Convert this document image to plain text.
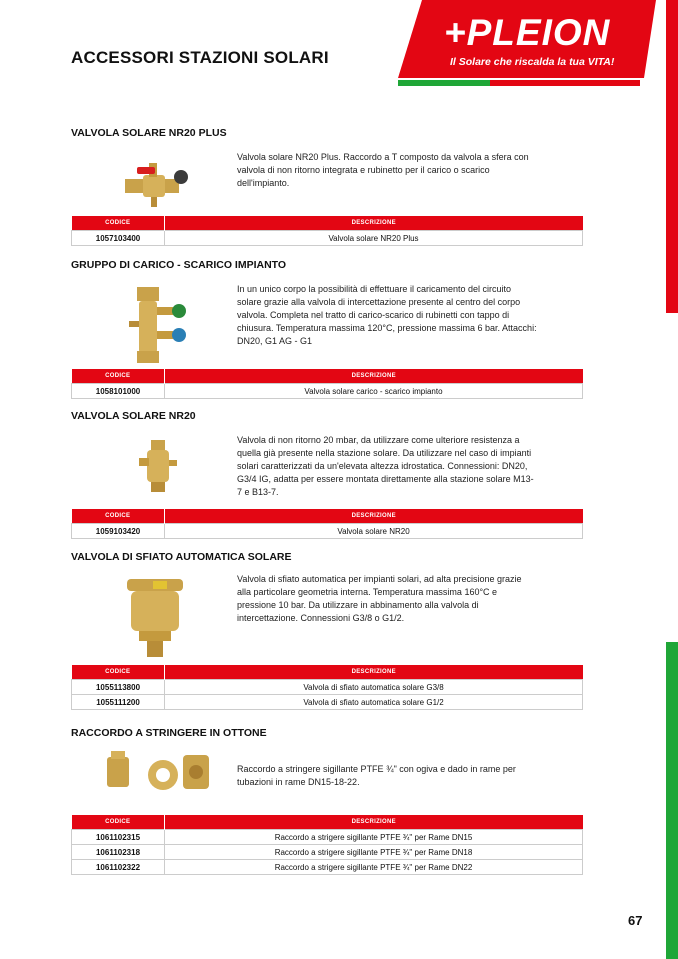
ACCESSORI STAZIONI SOLARI
+PLEION
Il Solare che riscalda la tua VITA!
VALVOLA SOLARE NR20 PLUS
Valvola solare NR20 Plus. Raccordo a T composto da valvola a sfera con valvola di non ritorno integrata e rubinetto per il carico o scarico dell'impianto.
CODICE	DESCRIZIONE
1057103400	Valvola solare NR20 Plus
GRUPPO DI CARICO - SCARICO IMPIANTO
In un unico corpo la possibilità di effettuare il caricamento del circuito solare grazie alla valvola di intercettazione presente al centro del corpo valvola. Completa nel tratto di carico-scarico di rubinetti con tappo di chiusura. Temperatura massima 120°C, pressione massima 6 bar. Attacchi: DN20, G1 AG - G1
CODICE	DESCRIZIONE
1058101000	Valvola solare carico - scarico impianto
VALVOLA SOLARE NR20
Valvola di non ritorno 20 mbar, da utilizzare come ulteriore resistenza a quella già presente nella stazione solare. Da utilizzare nel caso di impianti solari caratterizzati da un'elevata altezza idrostatica. Connessioni: DN20, G3/4 IG, adatta per essere montata direttamente alla stazione solare M13-7 e B13-7.
CODICE	DESCRIZIONE
1059103420	Valvola solare NR20
VALVOLA DI SFIATO AUTOMATICA SOLARE
Valvola di sfiato automatica per impianti solari, ad alta precisione grazie alla particolare geometria interna. Temperatura massima 160°C e pressione 10 bar. Da utilizzare in abbinamento alla valvola di intercettazione. Connessioni G3/8 o G1/2.
CODICE	DESCRIZIONE
1055113800	Valvola di sfiato automatica solare G3/8
1055111200	Valvola di sfiato automatica solare G1/2
RACCORDO A STRINGERE IN OTTONE
Raccordo a stringere sigillante PTFE ¾" con ogiva e dado in rame per tubazioni in rame DN15-18-22.
CODICE	DESCRIZIONE
1061102315	Raccordo a strigere sigillante PTFE ¾" per Rame DN15
1061102318	Raccordo a strigere sigillante PTFE ¾" per Rame DN18
1061102322	Raccordo a strigere sigillante PTFE ¾" per Rame DN22
67
